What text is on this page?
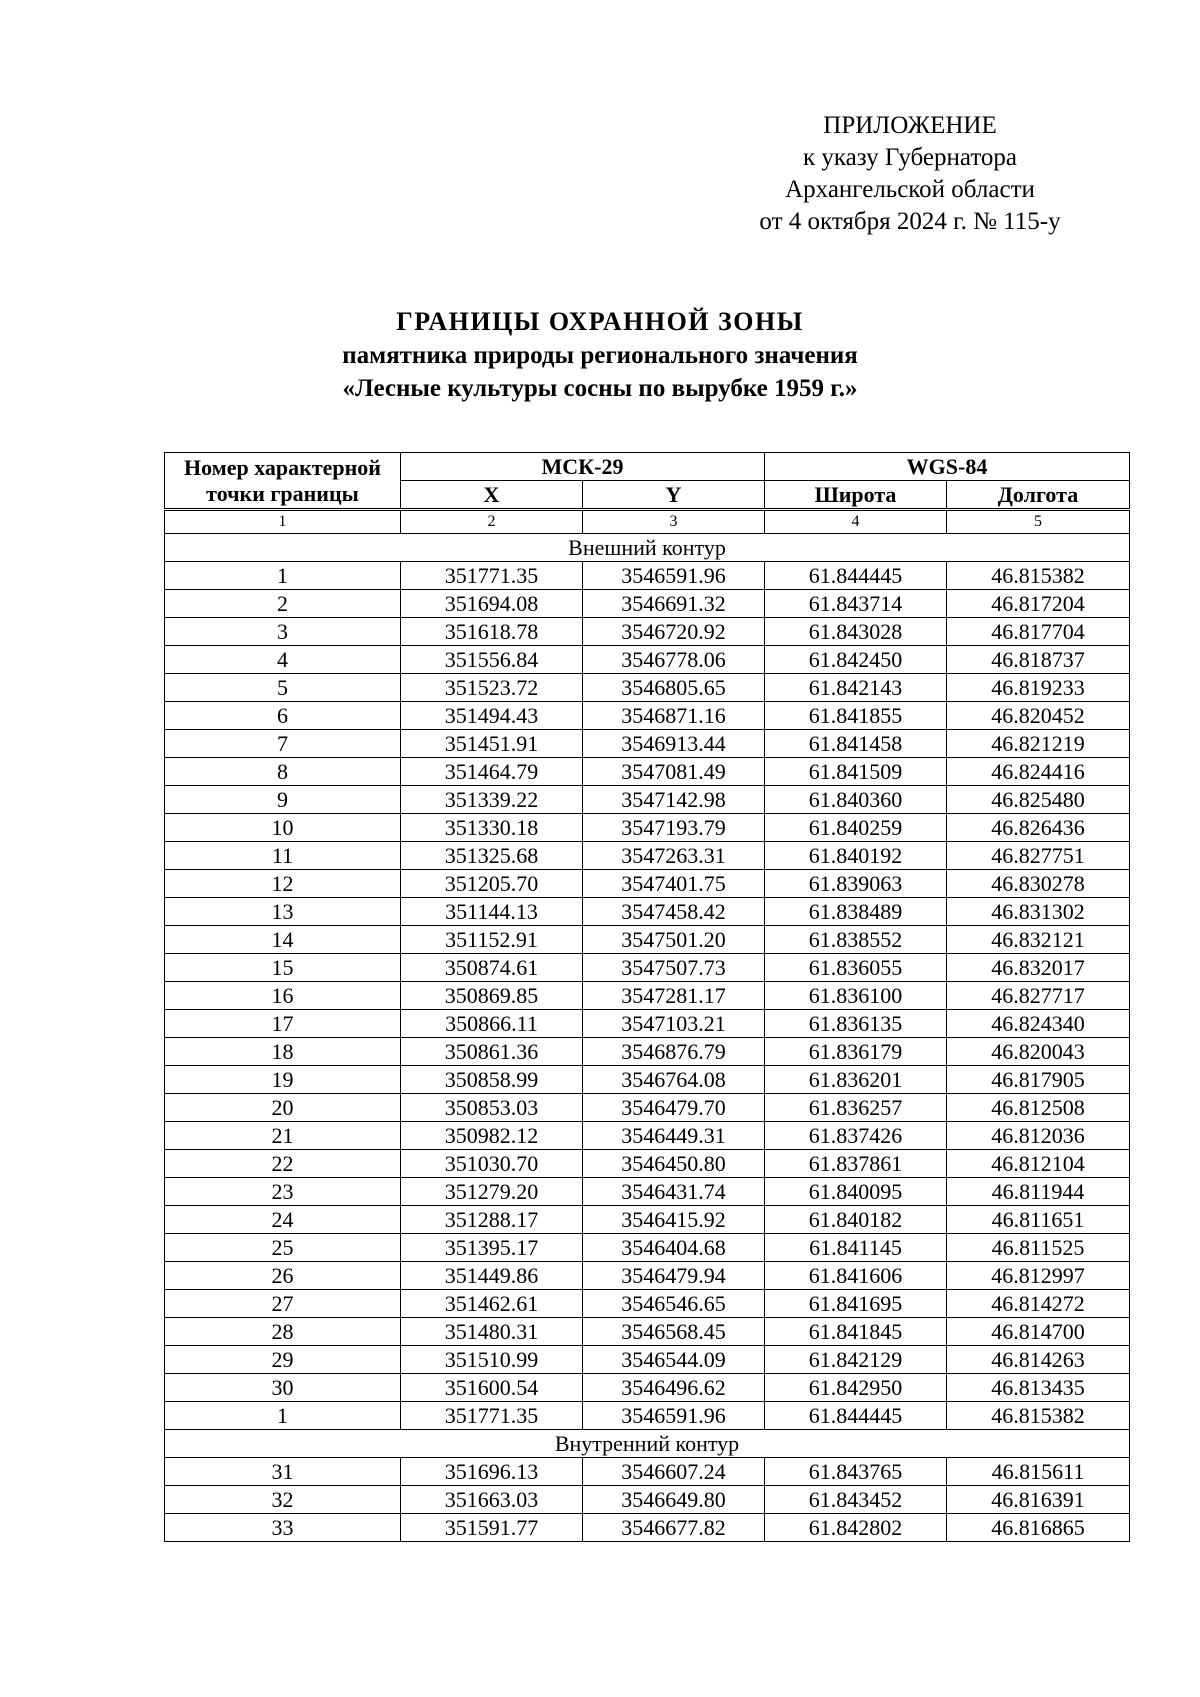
ПРИЛОЖЕНИЕ
к указу Губернатора
Архангельской области
от 4 октября 2024 г. № 115-у
ГРАНИЦЫ ОХРАННОЙ ЗОНЫ
памятника природы регионального значения
«Лесные культуры сосны по вырубке 1959 г.»
Номер характерной
точки границы	МСК-29		WGS-84	
	X	Y	Широта	Долгота
1	2	3	4	5
Внешний контур				
1	351771.35	3546591.96	61.844445	46.815382
2	351694.08	3546691.32	61.843714	46.817204
3	351618.78	3546720.92	61.843028	46.817704
4	351556.84	3546778.06	61.842450	46.818737
5	351523.72	3546805.65	61.842143	46.819233
6	351494.43	3546871.16	61.841855	46.820452
7	351451.91	3546913.44	61.841458	46.821219
8	351464.79	3547081.49	61.841509	46.824416
9	351339.22	3547142.98	61.840360	46.825480
10	351330.18	3547193.79	61.840259	46.826436
11	351325.68	3547263.31	61.840192	46.827751
12	351205.70	3547401.75	61.839063	46.830278
13	351144.13	3547458.42	61.838489	46.831302
14	351152.91	3547501.20	61.838552	46.832121
15	350874.61	3547507.73	61.836055	46.832017
16	350869.85	3547281.17	61.836100	46.827717
17	350866.11	3547103.21	61.836135	46.824340
18	350861.36	3546876.79	61.836179	46.820043
19	350858.99	3546764.08	61.836201	46.817905
20	350853.03	3546479.70	61.836257	46.812508
21	350982.12	3546449.31	61.837426	46.812036
22	351030.70	3546450.80	61.837861	46.812104
23	351279.20	3546431.74	61.840095	46.811944
24	351288.17	3546415.92	61.840182	46.811651
25	351395.17	3546404.68	61.841145	46.811525
26	351449.86	3546479.94	61.841606	46.812997
27	351462.61	3546546.65	61.841695	46.814272
28	351480.31	3546568.45	61.841845	46.814700
29	351510.99	3546544.09	61.842129	46.814263
30	351600.54	3546496.62	61.842950	46.813435
1	351771.35	3546591.96	61.844445	46.815382
Внутренний контур				
31	351696.13	3546607.24	61.843765	46.815611
32	351663.03	3546649.80	61.843452	46.816391
33	351591.77	3546677.82	61.842802	46.816865
